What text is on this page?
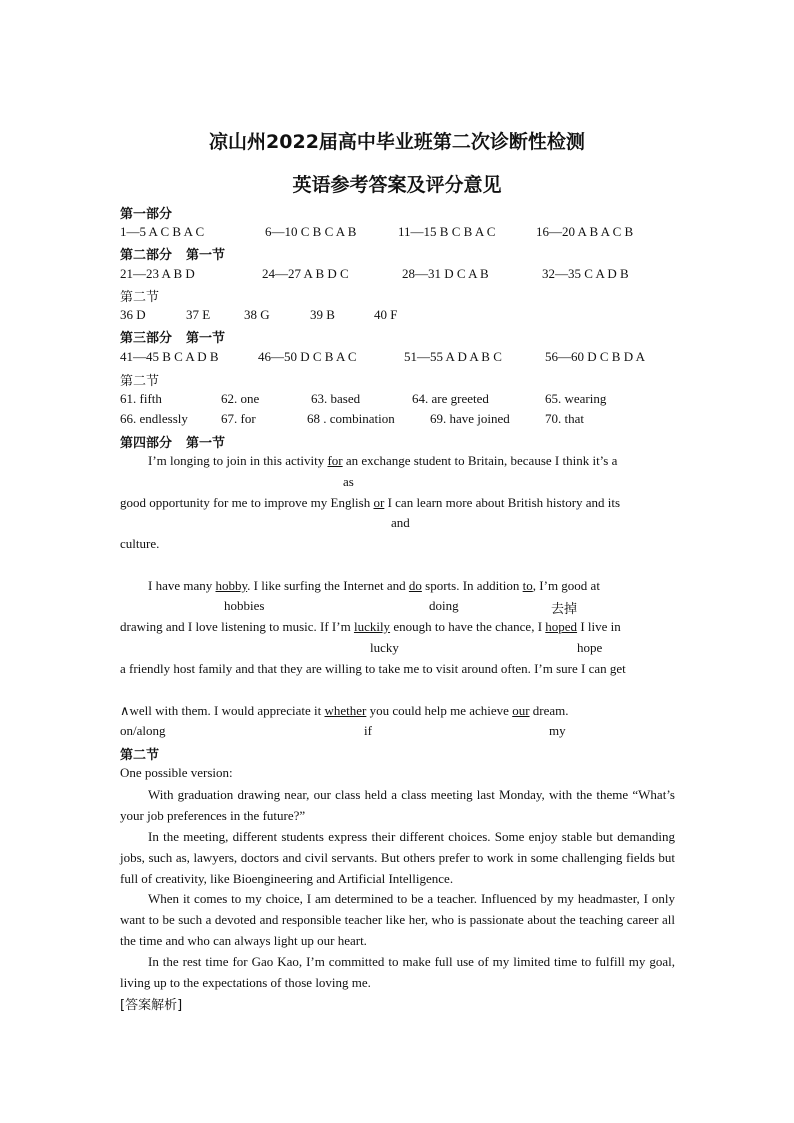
凉山州2022届高中毕业班第二次诊断性检测
英语参考答案及评分意见
第一部分
1—5 A C B A C	6—10 C B C A B	11—15 B C B A C	16—20 A B A C B
第二部分 第一节
21—23 A B D	24—27 A B D C	28—31 D C A B	32—35 C A D B
第二节
36 D	37 E	38 G	39 B	40 F
第三部分 第一节
41—45 B C A D B	46—50 D C B A C	51—55 A D A B C	56—60 D C B D A
第二节
61. fifth	62. one	63. based	64. are greeted	65. wearing
66. endlessly	67. for	68 . combination	69. have joined	70. that
第四部分 第一节
I’m longing to join in this activity for an exchange student to Britain, because I think it’s a
as
good opportunity for me to improve my English or I can learn more about British history and its
and
culture.
I have many hobby. I like surfing the Internet and do sports. In addition to, I’m good at
hobbies	doing	去掉
drawing and I love listening to music. If I’m luckily enough to have the chance, I hoped I live in
lucky	hope
a friendly host family and that they are willing to take me to visit around often. I’m sure I can get
∧well with them. I would appreciate it whether you could help me achieve our dream.
on/along	if	my
第二节
One possible version:
With graduation drawing near, our class held a class meeting last Monday, with the theme “What’s your job preferences in the future?”
In the meeting, different students express their different choices. Some enjoy stable but demanding jobs, such as, lawyers, doctors and civil servants. But others prefer to work in some challenging fields but full of creativity, like Bioengineering and Artificial Intelligence.
When it comes to my choice, I am determined to be a teacher. Influenced by my headmaster, I only want to be such a devoted and responsible teacher like her, who is passionate about the teaching career all the time and who can always light up our heart.
In the rest time for Gao Kao, I’m committed to make full use of my limited time to fulfill my goal, living up to the expectations of those loving me.
[答案解析]
